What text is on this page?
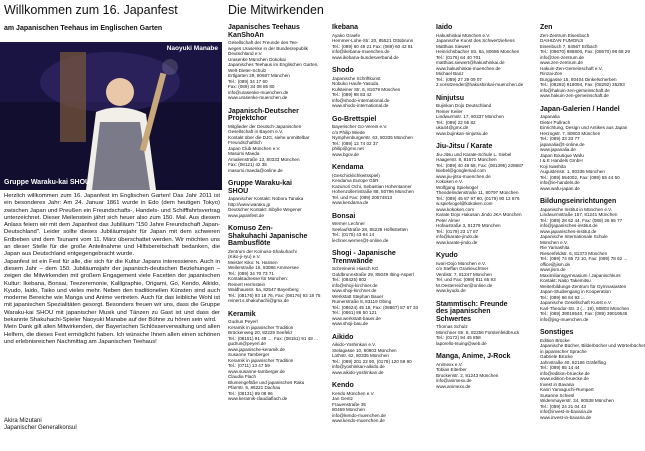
Willkommen zum 16. Japanfest
am Japanischen Teehaus im Englischen Garten
Naoyuki Manabe
Gruppe Waraku-kai SHOU

Herzlich willkommen zum 16. Japanfest im Englischen Garten! Das Jahr 2011 ist ein besonderes Jahr: Am 24. Januar 1861 wurde in Edo (dem heutigen Tokyo) zwischen Japan und Preußen ein Freundschafts-, Handels- und Schifffahrtsvertrag unterzeichnet. Dieser Meilenstein jährt sich heuer also zum 150. Mal. Aus diesem Anlass feiern wir mit dem Japanfest das Jubiläum "150 Jahre Freundschaft Japan-Deutschland". Leider sollte dieses Jubiläumsjahr für Japan mit dem schweren Erdbeben und dem Tsunami vom 11. März überschattet werden. Wir möchten uns an dieser Stelle für die große Anteilnahme und Hilfsbereitschaft bedanken, die Japan aus Deutschland entgegengebracht wurde.

Japanfest ist ein Fest für alle, die sich für die Kultur Japans interessieren. Auch in diesem Jahr – dem 150. Jubiläumsjahr der japanisch-deutschen Beziehungen – zeigen die Mitwirkenden mit großem Engagement viele Facetten der japanischen Kultur: Ikebana, Bonsai, Teezeremonie, Kalligraphie, Origami, Go, Kendo, Aikido, Kyudo, Iaido, Taiko und vieles mehr. Neben den traditionellen Künsten sind auch moderne Bereiche wie Manga und Anime vertreten. Auch für das leibliche Wohl ist mit japanischen Spezialitäten gesorgt. Besonders freuen wir uns, dass die Gruppe Waraku-kai SHOU mit japanischer Musik und Tänzen zu Gast ist und dass der bekannte Shakuhachi-Spieler Naoyuki Manabe auf der Bühne zu hören sein wird.

Mein Dank gilt allen Mitwirkenden, der Bayerischen Schlösserverwaltung und allen Helfern, die dieses Fest ermöglicht haben. Ich wünsche Ihnen allen einen schönen und erlebnisreichen Nachmittag am Japanischen Teehaus!

Akira Mizutani
Japanischer Generalkonsul
Die Mitwirkenden
Japanisches Teehaus KanShoAn
Gesellschaft der Freunde des Tee-
weges Urasenke in der Bundesrepublik
Deutschland e.V.
Urasenke München Dokokai
Japanisches Teehaus im Englischen Garten,
Welt-Dieter-Schulz
Ertlgarten 29, 80687 München
Tel.: (089) 34 17 60
Fax: (089) 34 08 85 80
info@urasenke-muenchen.de
www.urasenke-muenchen.de
Japanisch-Deutscher Projektchor
Mitglieder der Deutsch-Japanischen
Gesellschaft in Bayern e.V.
Kontakt über die DJG, siehe unmittelbar
Freundschaftlich
Japan Club München e.V.
Masumi Maeda
Amalienstraße 13, 80333 München
Fax: (08121) 42 35
masumi.maeda@online.de
Gruppe Waraku-kai SHOU
Japanischer Kontakt: Noboru Tanaka
http://www.waraku.jp
Deutscher Kontakt: Sibylle Wegener
www.japanfest.de
Komuso Zen-Shakuhachi Japanische Bambusflöte
Zentrum der Komuso-Shakuhachi
(Kiko-ji-ryu) e.V.
Meister Kiko: N. Hansen
Weilerstraße 16, 93086 Ammersee
Tel.: (089) 34 70 73 71
Kontaktadresse für München:
Reinert Hermstein
Waldhausstr. 5a, 82547 Bayerberg
Tel.: (08176) 93 18 76, Fax: (08176) 93 18 75
reinert.s.shakuhachi@gmx.de
Keramik
Gudrun Peyerl
Keramik in japanischer Tradition
Brückenweg 20, 82229 Seefeld
Tel.: (08151) 91 48 ..., Fax: (08151) 91 48 ...
gudrun@peyerl.de
www.japanische-keramik.de
Susanne Tamberger
Keramik in japanischer Tradition
Tel.: (0711) 13 47 59
www.susanne-tamberger.de
Claudia Flach
Blumengefäße und japanisches Raku
Pfarrstr. 5, 86221 Dachau
Tel.: (08131) 99 08 96
www.keramik-claudiaflach.de
Ikebana
Ayako Graefe
Hemmer-Lohe-Str. 20, 85521 Ottobrunn
Tel.: (089) 60 49 21 Fax: (089) 60 42 81
info@ikebana-muenchen.de
www.ikebana-bundesverband.de
Shodo
Japanische Schriftkunst
Nobuko Haufe-Yasuda
Kufsteiner Str. 6, 81679 München
Tel.: (089) 98 83 42
info@shodo-international.de
www.shodo-international.de
Go-Brettspiel
Bayerischer Go-Verein e.V.
c/o Philip Wiede
Nymphenburgerstr. 63, 80335 München
Tel.: (089) 12 74 02 37
philip@gmx.net
www.bgov.de
Kendama
(Geschicklichkeitsspiel)
Kendama Europe GbR
Kazunori Ochi, Sebastian Hohentanner
Hohenzollernstraße 88, 80796 München
Tel. und Fax: (089) 20674813
www.kendama.de
Bonsai
Werner Lechner
Seelaufstraße 28, 85228 Hoflsstetten
Tel.: (0175) 43 84 14
lechner.werner@t-online.de
Shogi - Japanische Trennwände
Schreinerei Hiasch KG
Goldbrunnstraße 29, 85049 Ilting-Asperl
Tel.: (08425) 802
info@shoji-kirchner.de
www.shoji-kirchner.de
Werkstatt Stephan Bauer
Rumerstraße 8, 83119 Obing
Tel.: (08624) 45 18, Fax: (08867) 87 67 33
Tel.: (0861) 86 50 121
www.werkstatt-bauer.de
www.shoji-bau.de
Aikido
Aikido-Yoshinkan e.V.
Stelagasse 10, 80803 München
Lothstr. 62, 80335 München
Tel.: (089) 201 22 90, (0179) 120 59 90
info@yoshinkan-aikido.de
www.aikido-yoshinkan.de
Kendo
Kendo München e.V.
Jan Gentz
Frauenstraße 35
80469 München
info@kendo-muenchen.de
www.kendo-muenchen.de
Iaido
Hakushinkai München e.V.
Japanische Kunst des Schwertziehens
Matthias Siewert
Heinrichsbacher Str. 8a, 80686 München
Tel.: (0176) 64 40 701
matthias.siewert@hakushinkai.de
www.hakushinkai-muenchen.de
Michael Banz
Tel.: (089) 27 29 09 07
2.vorsitzender@hakushinkai-muenchen.de
Ninjutsu
Bujinkan Dojo Deutschland
Reiner Keiler
Lindwurmstr. 17, 80337 München
Tel.: (089) 22 55 82
uka44@gmx.de
www.bujinkan-ninjutsu.de
Jiu-Jitsu / Karate
Jiu-Jitsu und Karate-Schule L. Siebel
Haagerstr. 8, 81671 München
Tel.: (089) 40 49 58, Fax: (081395) 228687
lsiebel@googlemail.com
www.jiu-jitsu-muenchen.de
Kokoken e.V.
Wolfgang Spielvogel
Theodelindenstraße 11, 80797 München
Tel.: (089) 45 87 97 80, (0179) 90 12 876
w.spielvogel@kokoken.com
www.kokoken.com
Karate Dojo Hakusan Jindo JKA München
Peter Almer
Hofaustraße 3, 81379 München
Tel.: (0179) 23 17 87
info@karate-jindo.de
www.karate-jindo.de
Kyudo
Iwari-Dojo München e.V.
c/o Steffan Granleuchtner
Verdistr. 7, 81247 München
Tel. und Fax: (089) 811 65 93
M.Oesterreicher@online.de
www.kyudo.de
Stammtisch: Freunde des japanischen Schwertes
Thomas Schulz
Münchner Str. 8, 82256 Fürstenfeldbruck
Tel.: (0172) 94 45 858
laporello-tsuing@web.de
Manga, Anime, J-Rock
Animexx e.V.
Tobias Eiterber
Bruckenstr. 2, 81243 München
info@animexx.de
www.animexx.de
Zen
Zen-Zentrum Eisenbuch
DAIHIZAN FUMONJI
Eisenbuch 7, 84567 Erlbach
Tel.: (08670) 986800, Fax: (08670) 98 68 29
info@zen-zentrum.de
www.zen-zentrum.de
Hakuin-Zen-Gemeinschaft e.V.
Rinzai-Zen
Burggasse 15, 80404 Dinkelscherben
Tel.: (08292) 918094, Fax: (08292) 35293
info@hakuin-zen-gemeinschaft.de
www.hakuin-zen-gemeinschaft.de
Japan-Galerien / Handel
Japanalia
Dieter Pullrach
Einrichtung, Design und Antikes aus Japan
Herzogstr. 7, 80803 München
Tel.: (089) 33 33 77
japanalia@t-online.de
www.japanalia.de
Japan Boutique Wafu
I & E Handels GmbH
Koji Iwashita
Augustenstr. 1, 80336 München
Tel.: (089) 554002, Fax: (089) 55 44 50
info@ie-handels.de
www.wafu-japan.de
Bildungseinrichtungen
Japanische Institut in München e.V.
Lindwurmstraße 157, 81241 München
Tel.: (089) 28 62 44, Fax: (089) 26 65 77
info@japanisches-institut.de
www.japanisches-institut.de
Japanische Internationale Schule
München e.V.
Rie Yamashita
Riesenfeldstr. 6, 81373 München
Tel.: (089) 74 65 73 10, Fax: (089) 78 62 ...
office@jism.de
www.jism.de
Maximiliansgymnasium / Japanischkurs
Kontakt: Naito Takemitsu
Weiterbildungs-Zentrum für Gymnasiasten
Japan-Studiengang in Kooperation
Tel.: (089) 96 84 93 ...
Japanische Gesellschaft Kunst e.V.
Karl-Theodor-Str. 3 (... 19), 80803 München
Tel.: (089) 39019540, Fax: (089) 39019545
info@jisg-muenchen.de
Sonstiges
Edition Brücke
Japanische Bücher, Bilderbücher und Wörterbücher
in japanischer Sprache
Gabriele Brücke
Jahnstraße 40, 82166 Gräfelfing
Tel.: (089) 85 14 44
info@edition-bruecke.de
www.edition-bruecke.de
Invest in Bavaria
Kanri Yamaguchi-Rumpert
Susanne Schiesl
Widenmayerstr. 34, 80538 München
Tel.: (089) 24 21 04 43
info@invest-in-bavaria.de
www.invest-in-bavaria.de
